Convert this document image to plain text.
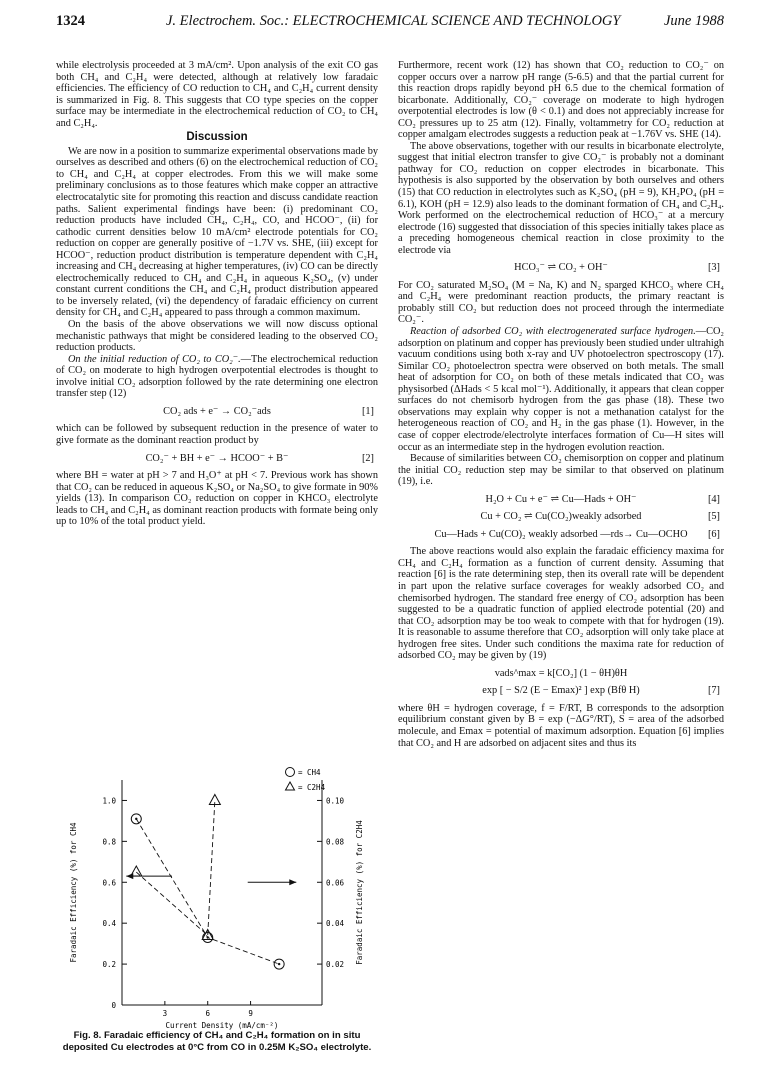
1324	J. Electrochem. Soc.: ELECTROCHEMICAL SCIENCE AND TECHNOLOGY	June 1988

while electrolysis proceeded at 3 mA/cm². Upon analysis of the exit CO gas both CH₄ and C₂H₄ were detected, although at relatively low faradaic efficiencies. The efficiency of CO reduction to CH₄ and C₂H₄ current density is summarized in Fig. 8. This suggests that CO type species on the copper surface may be intermediate in the electrochemical reduction of CO₂ to CH₄ and C₂H₄.

Discussion

We are now in a position to summarize experimental observations made by ourselves as described and others (6) on the electrochemical reduction of CO₂ to CH₄ and C₂H₄ at copper electrodes. From this we will make some preliminary conclusions as to those features which make copper an attractive electrocatalytic site for promoting this reaction and discuss candidate reaction paths. Salient experimental findings have been: (i) predominant CO₂ reduction products have included CH₄, C₂H₄, CO, and HCOO⁻, (ii) for cathodic current densities below 10 mA/cm² electrode potentials for CO₂ reduction on copper are generally positive of −1.7V vs. SHE, (iii) except for HCOO⁻, reduction product distribution is temperature dependent with C₂H₄ increasing and CH₄ decreasing at higher temperatures, (iv) CO can be directly electrochemically reduced to CH₄ and C₂H₄ in aqueous K₂SO₄, (v) under constant current conditions the CH₄ and C₂H₄ product distribution appeared to be inversely related, (vi) the dependency of faradaic efficiency on current density for CH₄ and C₂H₄ appeared to pass through a common maximum.

On the basis of the above observations we will now discuss optional mechanistic pathways that might be considered leading to the observed CO₂ reduction products.

On the initial reduction of CO₂ to CO₂⁻.—The electrochemical reduction of CO₂ on moderate to high hydrogen overpotential electrodes is thought to involve initial CO₂ adsorption followed by the rate determining one electron transfer step (12)

CO₂ ads + e⁻ → CO₂⁻ads	[1]

which can be followed by subsequent reduction in the presence of water to give formate as the dominant reaction product by

CO₂⁻ + BH + e⁻ → HCOO⁻ + B⁻	[2]

where BH = water at pH > 7 and H₃O⁺ at pH < 7. Previous work has shown that CO₂ can be reduced in aqueous K₂SO₄ or Na₂SO₄ to give formate in 90% yields (13). In comparison CO₂ reduction on copper in KHCO₃ electrolyte leads to CH₄ and C₂H₄ as dominant reaction products with formate being only up to 10% of the total product yield.

Furthermore, recent work (12) has shown that CO₂ reduction to CO₂⁻ on copper occurs over a narrow pH range (5-6.5) and that the partial current for this reaction drops rapidly beyond pH 6.5 due to the chemical formation of bicarbonate. Additionally, CO₂⁻ coverage on moderate to high hydrogen overpotential electrodes is low (θ < 0.1) and does not appreciably increase for CO₂ pressures up to 25 atm (12). Finally, voltammetry for CO₂ reduction at copper amalgam electrodes suggests a reduction peak at −1.76V vs. SHE (14).

The above observations, together with our results in bicarbonate electrolyte, suggest that initial electron transfer to give CO₂⁻ is probably not a dominant pathway for CO₂ reduction on copper electrodes in bicarbonate. This hypothesis is also supported by the observation by both ourselves and others (15) that CO reduction in electrolytes such as K₂SO₄ (pH = 9), KH₂PO₄ (pH = 6.1), KOH (pH = 12.9) also leads to the dominant formation of CH₄ and C₂H₄. Work performed on the electrochemical reduction of HCO₃⁻ at a mercury electrode (16) suggested that dissociation of this species initially takes place as a preceding homogeneous chemical reaction in close proximity to the electrode via

HCO₃⁻ ⇌ CO₂ + OH⁻	[3]

For CO₂ saturated M₂SO₄ (M = Na, K) and N₂ sparged KHCO₃ where CH₄ and C₂H₄ were predominant reaction products, the primary reactant is probably still CO₂ but reduction does not proceed through the intermediate CO₂⁻.

Reaction of adsorbed CO₂ with electrogenerated surface hydrogen.—CO₂ adsorption on platinum and copper has previously been studied under ultrahigh vacuum conditions using both x-ray and UV photoelectron spectroscopy (17). Similar CO₂ photoelectron spectra were observed on both metals. The small heat of adsorption for CO₂ on both of these metals indicated that CO₂ was physisorbed (ΔHads < 5 kcal mol⁻¹). Additionally, it appears that clean copper surfaces do not chemisorb hydrogen from the gas phase (18). These two observations may explain why copper is not a methanation catalyst for the heterogeneous reaction of CO₂ and H₂ in the gas phase (1). However, in the case of copper electrode/electrolyte interfaces formation of Cu—H sites will occur as an intermediate step in the hydrogen evolution reaction.

Because of similarities between CO₂ chemisorption on copper and platinum the initial CO₂ reduction step may be similar to that observed on platinum (19), i.e.

H₂O + Cu + e⁻ ⇌ Cu—Hads + OH⁻	[4]
Cu + CO₂ ⇌ Cu(CO₂)weakly adsorbed	[5]
Cu—Hads + Cu(CO)₂ weakly adsorbed —rds→ Cu—OCHO [6]

The above reactions would also explain the faradaic efficiency maxima for CH₄ and C₂H₄ formation as a function of current density. Assuming that reaction [6] is the rate determining step, then its overall rate will be dependent in part upon the relative surface coverages for weakly adsorbed CO₂ and chemisorbed hydrogen. The standard free energy of CO₂ adsorption has been suggested to be a quadratic function of applied electrode potential (20) and that CO₂ adsorption may be too weak to compete with that for hydrogen (19). It is reasonable to assume therefore that CO₂ adsorption will only take place at hydrogen free sites. Under such conditions the maxima rate for reduction of adsorbed CO₂ may be given by (19)

vads^max = k[CO₂] (1 − θH)θH
exp [ − S/2 (E − Emax)² ] exp (Bfθ H)	[7]

where θH = hydrogen coverage, f = F/RT, B corresponds to the adsorption equilibrium constant given by B = exp (−ΔG°/RT), S = area of the adsorbed molecule, and Emax = potential of maximum adsorption. Equation [6] implies that CO₂ and H are adsorbed on adjacent sites and thus its

0
0.2
0.4
0.6
0.8
1.0
0.02
0.04
0.06
0.08
0.10
3	6	9
Current Density (mA/cm⁻²)
Faradaic Efficiency (%) for CH4	Faradaic Efficiency (%) for C2H4
= CH4
= C2H4
Fig. 8. Faradaic efficiency of CH₄ and C₂H₄ formation on in situ deposited Cu electrodes at 0°C from CO in 0.25M K₂SO₄ electrolyte.
